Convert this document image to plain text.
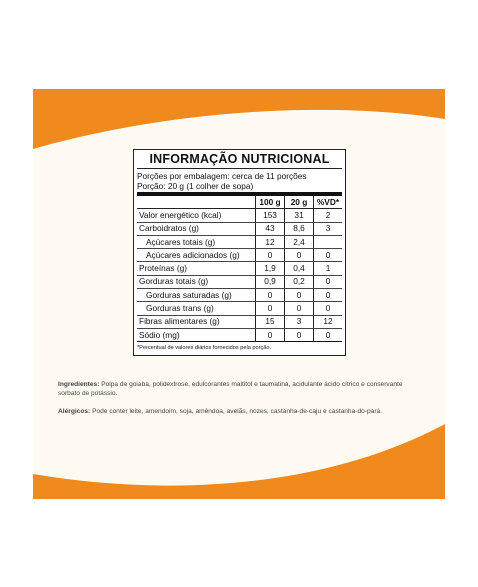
INFORMAÇÃO NUTRICIONAL
Porções por embalagem: cerca de 11 porções
Porção: 20 g (1 colher de sopa)
	100 g	20 g	%VD*
Valor energético (kcal)	153	31	2
Carboidratos (g)	43	8,6	3
Açúcares totais (g)	12	2,4	
Açúcares adicionados (g)	0	0	0
Proteínas (g)	1,9	0,4	1
Gorduras totais (g)	0,9	0,2	0
Gorduras saturadas (g)	0	0	0
Gorduras trans (g)	0	0	0
Fibras alimentares (g)	15	3	12
Sódio (mg)	0	0	0
*Percentual de valores diários fornecidos pela porção.
Ingredientes: Polpa de goiaba, polidextrose, edulcorantes maltitol e taumatina, acidulante ácido cítrico e conservante sorbato de potássio.
Alérgicos: Pode conter leite, amendoim, soja, amêndoa, avelãs, nozes, castanha-de-caju e castanha-do-pará.
